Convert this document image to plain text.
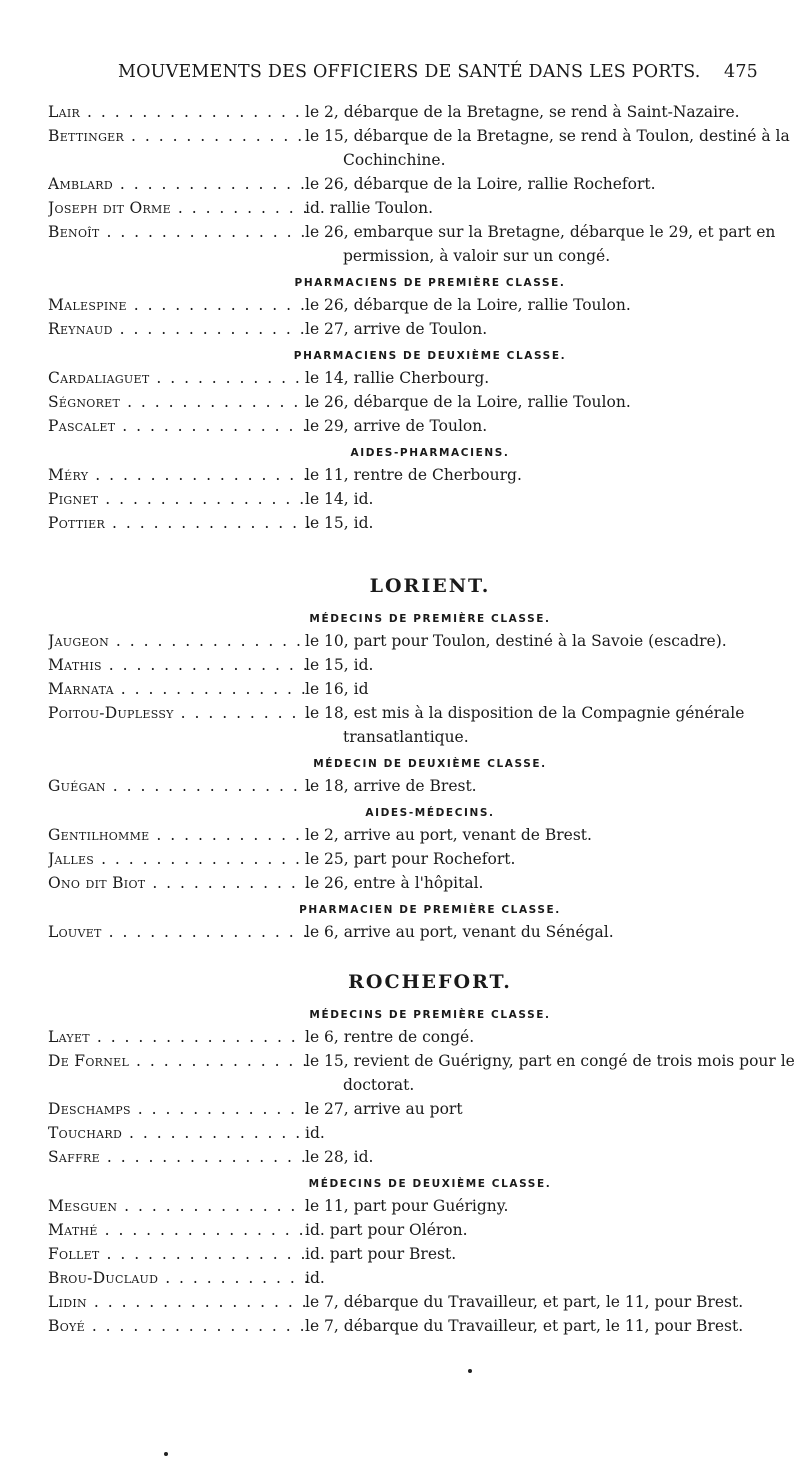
MOUVEMENTS DES OFFICIERS DE SANTÉ DANS LES PORTS. 475
Lair . . .	le 2, débarque de la Bretagne, se rend à Saint-Nazaire.
Bettinger . . .	le 15, débarque de la Bretagne, se rend à Toulon, destiné à la Cochinchine.
Amblard . . .	le 26, débarque de la Loire, rallie Rochefort.
Joseph dit Orme . . .	id. rallie Toulon.
Benoît . . .	le 26, embarque sur la Bretagne, débarque le 29, et part en permission, à valoir sur un congé.
PHARMACIENS DE PREMIÈRE CLASSE.
Malespine . . .	le 26, débarque de la Loire, rallie Toulon.
Reynaud . . .	le 27, arrive de Toulon.
PHARMACIENS DE DEUXIÈME CLASSE.
Cardaliaguet . . .	le 14, rallie Cherbourg.
Ségnoret . . .	le 26, débarque de la Loire, rallie Toulon.
Pascalet . . .	le 29, arrive de Toulon.
AIDES-PHARMACIENS.
Méry . . .	le 11, rentre de Cherbourg.
Pignet . . .	le 14, id.
Pottier . . .	le 15, id.
LORIENT.
MÉDECINS DE PREMIÈRE CLASSE.
Jaugeon . . .	le 10, part pour Toulon, destiné à la Savoie (escadre).
Mathis . . .	le 15, id.
Marnata . . .	le 16, id
Poitou-Duplessy . . .	le 18, est mis à la disposition de la Compagnie générale transatlantique.
MÉDECIN DE DEUXIÈME CLASSE.
Guégan . . .	le 18, arrive de Brest.
AIDES-MÉDECINS.
Gentilhomme . . .	le 2, arrive au port, venant de Brest.
Jalles . . .	le 25, part pour Rochefort.
Ono dit Biot . . .	le 26, entre à l'hôpital.
PHARMACIEN DE PREMIÈRE CLASSE.
Louvet . . .	le 6, arrive au port, venant du Sénégal.
ROCHEFORT.
MÉDECINS DE PREMIÈRE CLASSE.
Layet . . .	le 6, rentre de congé.
De Fornel . . .	le 15, revient de Guérigny, part en congé de trois mois pour le doctorat.
Deschamps . . .	le 27, arrive au port
Touchard . . .	id.
Saffre . . .	le 28, id.
MÉDECINS DE DEUXIÈME CLASSE.
Mesguen . . .	le 11, part pour Guérigny.
Mathé . . .	id. part pour Oléron.
Follet . . .	id. part pour Brest.
Brou-Duclaud . . .	id.
Lidin . . .	le 7, débarque du Travailleur, et part, le 11, pour Brest.
Boyé . . .	le 7, débarque du Travailleur, et part, le 11, pour Brest.
